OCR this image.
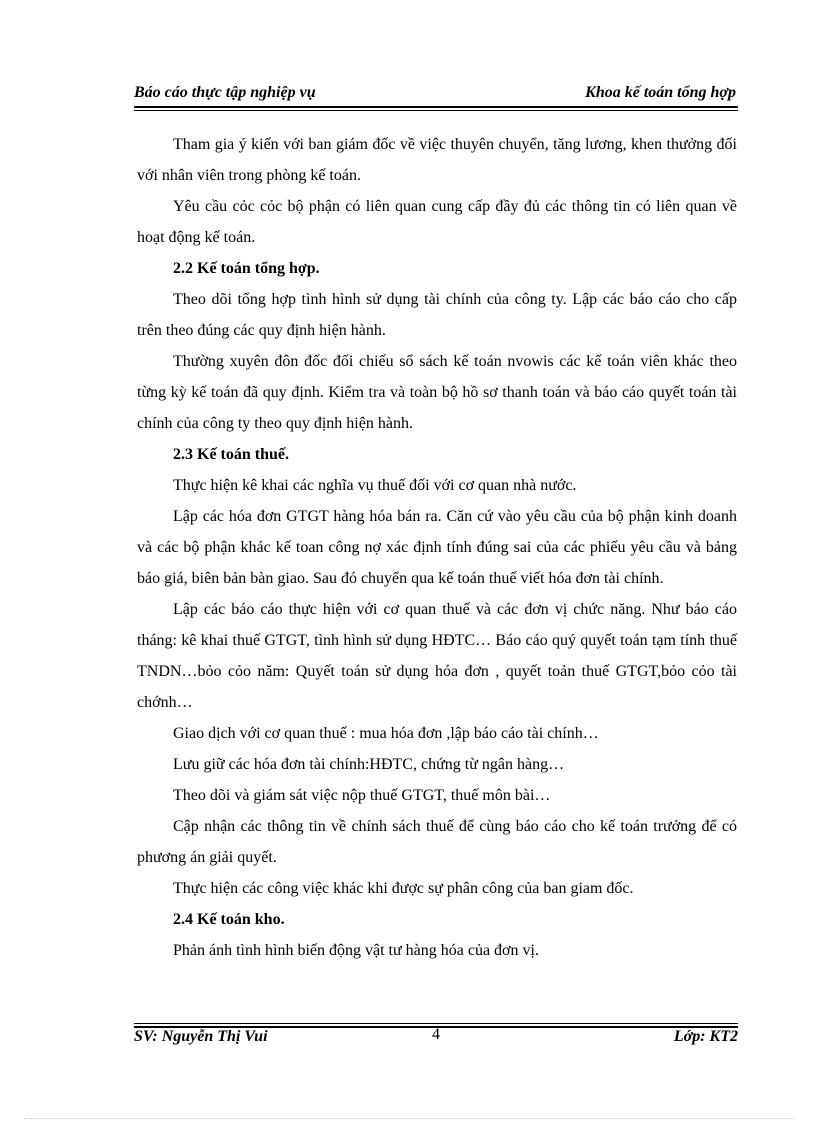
Báo cáo thực tập nghiệp vụ	Khoa kế toán tổng hợp

Tham gia ý kiến với ban giám đốc về việc thuyên chuyển, tăng lương, khen thưởng đối với nhân viên trong phòng kế toán.

Yêu cầu cỏc cỏc bộ phận có liên quan cung cấp đầy đủ các thông tin có liên quan về hoạt động kế toán.

2.2 Kế toán tổng hợp.

Theo dõi tổng hợp tình hình sử dụng tài chính của công ty. Lập các báo cáo cho cấp trên theo đúng các quy định hiện hành.

Thường xuyên đôn đốc đối chiếu sổ sách kế toán nvowis các kế toán viên khác theo từng kỳ kế toán đã quy định. Kiểm tra và toàn bộ hồ sơ thanh toán và báo cáo quyết toán tài chính của công ty theo quy định hiện hành.

2.3 Kế toán thuế.

Thực hiện kê khai các nghĩa vụ thuế đối với cơ quan nhà nước.

Lập các hóa đơn GTGT hàng hóa bán ra. Căn cứ vào yêu cầu của bộ phận kinh doanh và các bộ phận khác kế toan công nợ xác định tính đúng sai của các phiếu yêu cầu và bảng báo giá, biên bản bàn giao. Sau đó chuyển qua kế toán thuế viết hóa đơn tài chính.

Lập các báo cáo thực hiện với cơ quan thuế và các đơn vị chức năng. Như báo cáo tháng: kê khai thuế GTGT, tình hình sử dụng HĐTC… Báo cáo quý quyết toán tạm tính thuế TNDN…bỏo cỏo năm: Quyết toán sử dụng hóa đơn , quyết toản thuế GTGT,bỏo cỏo tài chớnh…

Giao dịch với cơ quan thuế : mua hóa đơn ,lập báo cáo tài chính…

Lưu giữ các hóa đơn tài chính:HĐTC, chứng từ ngân hàng…

Theo dõi và giám sát việc nộp thuế GTGT, thuế môn bài…

Cập nhận các thông tin về chính sách thuế để cùng báo cáo cho kế toán trưởng để có phương án giải quyết.

Thực hiện các công việc khác khi được sự phân công của ban giam đốc.

2.4 Kế toán kho.

Phản ánh tình hình biến động vật tư hàng hóa của đơn vị.

SV: Nguyễn Thị Vui	4	Lớp: KT2
